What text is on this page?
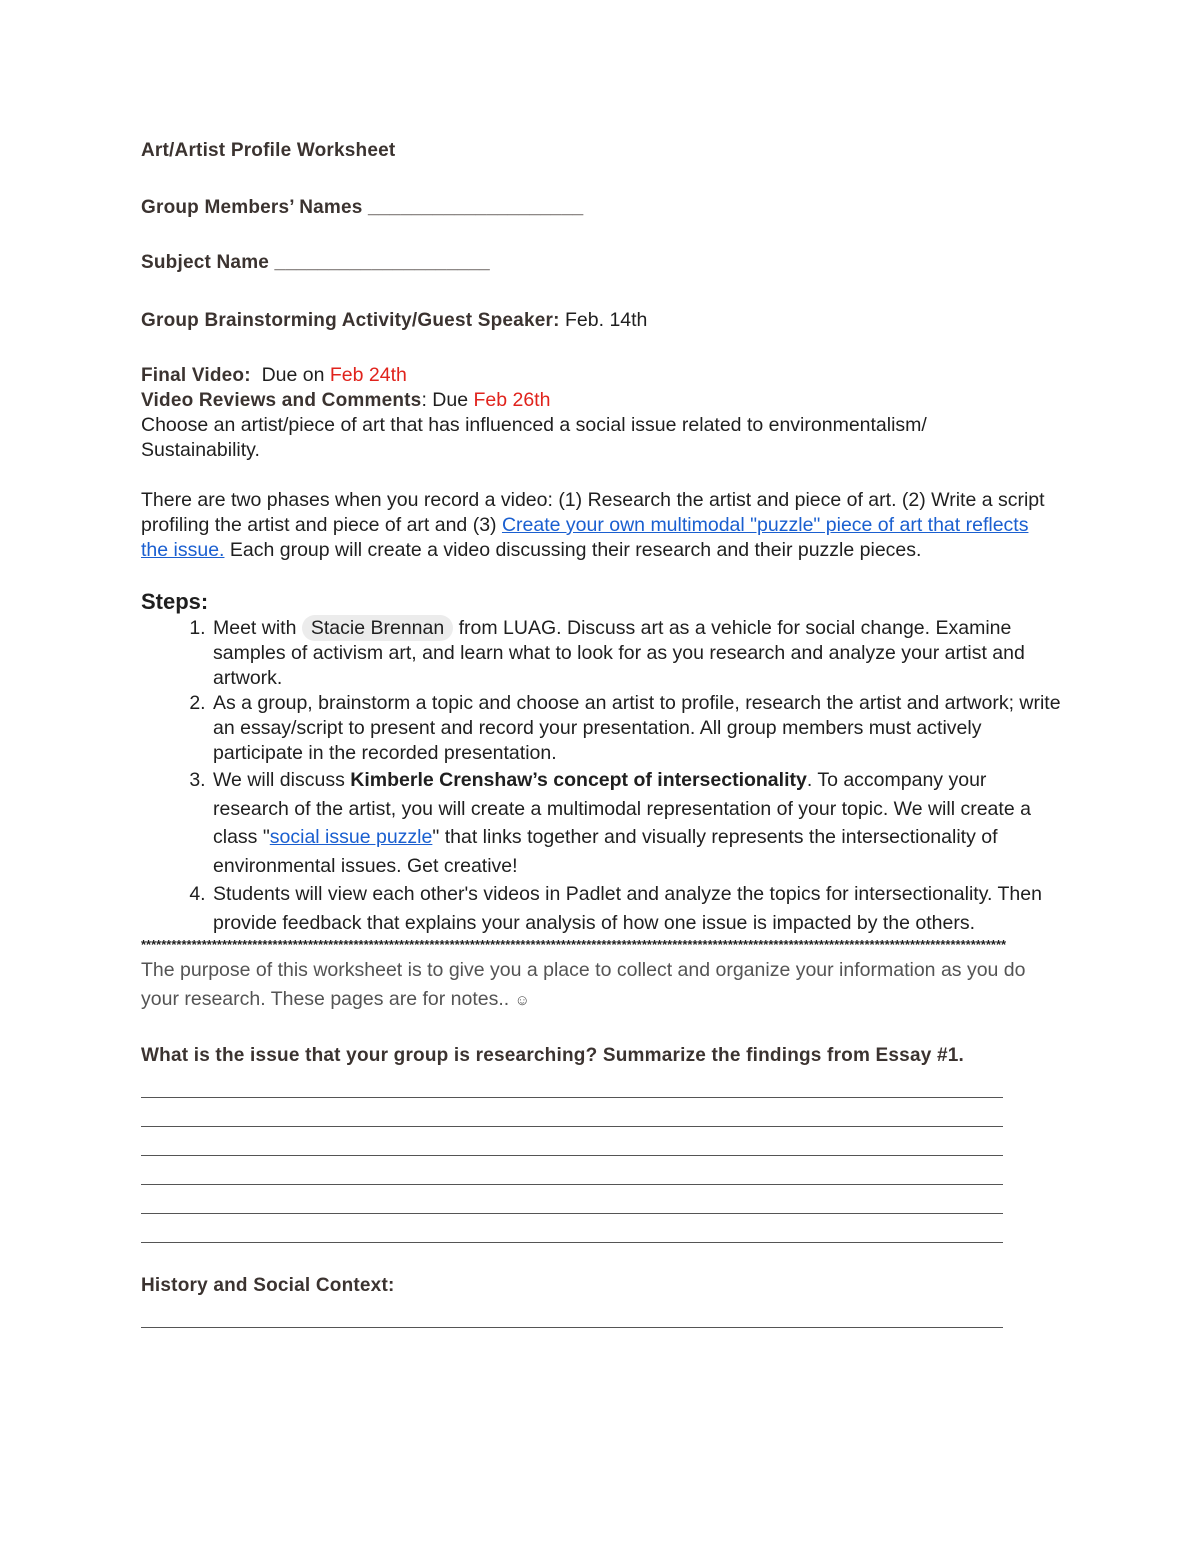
Art/Artist Profile Worksheet
Group Members’ Names ____________________
Subject Name ____________________
Group Brainstorming Activity/Guest Speaker: Feb. 14th
Final Video:  Due on Feb 24th
Video Reviews and Comments: Due Feb 26th
Choose an artist/piece of art that has influenced a social issue related to environmentalism/
Sustainability.
There are two phases when you record a video: (1) Research the artist and piece of art. (2) Write a script profiling the artist and piece of art and (3) Create your own multimodal "puzzle" piece of art that reflects the issue. Each group will create a video discussing their research and their puzzle pieces.
Steps:
1. Meet with Stacie Brennan from LUAG. Discuss art as a vehicle for social change. Examine samples of activism art, and learn what to look for as you research and analyze your artist and artwork.
2. As a group, brainstorm a topic and choose an artist to profile, research the artist and artwork; write an essay/script to present and record your presentation. All group members must actively participate in the recorded presentation.
3. We will discuss Kimberle Crenshaw’s concept of intersectionality. To accompany your research of the artist, you will create a multimodal representation of your topic. We will create a class "social issue puzzle" that links together and visually represents the intersectionality of environmental issues. Get creative!
4. Students will view each other's videos in Padlet and analyze the topics for intersectionality. Then provide feedback that explains your analysis of how one issue is impacted by the others.
***************************************************************************************************************************************************************************
The purpose of this worksheet is to give you a place to collect and organize your information as you do your research. These pages are for notes.. ☺
What is the issue that your group is researching? Summarize the findings from Essay #1.
History and Social Context:
